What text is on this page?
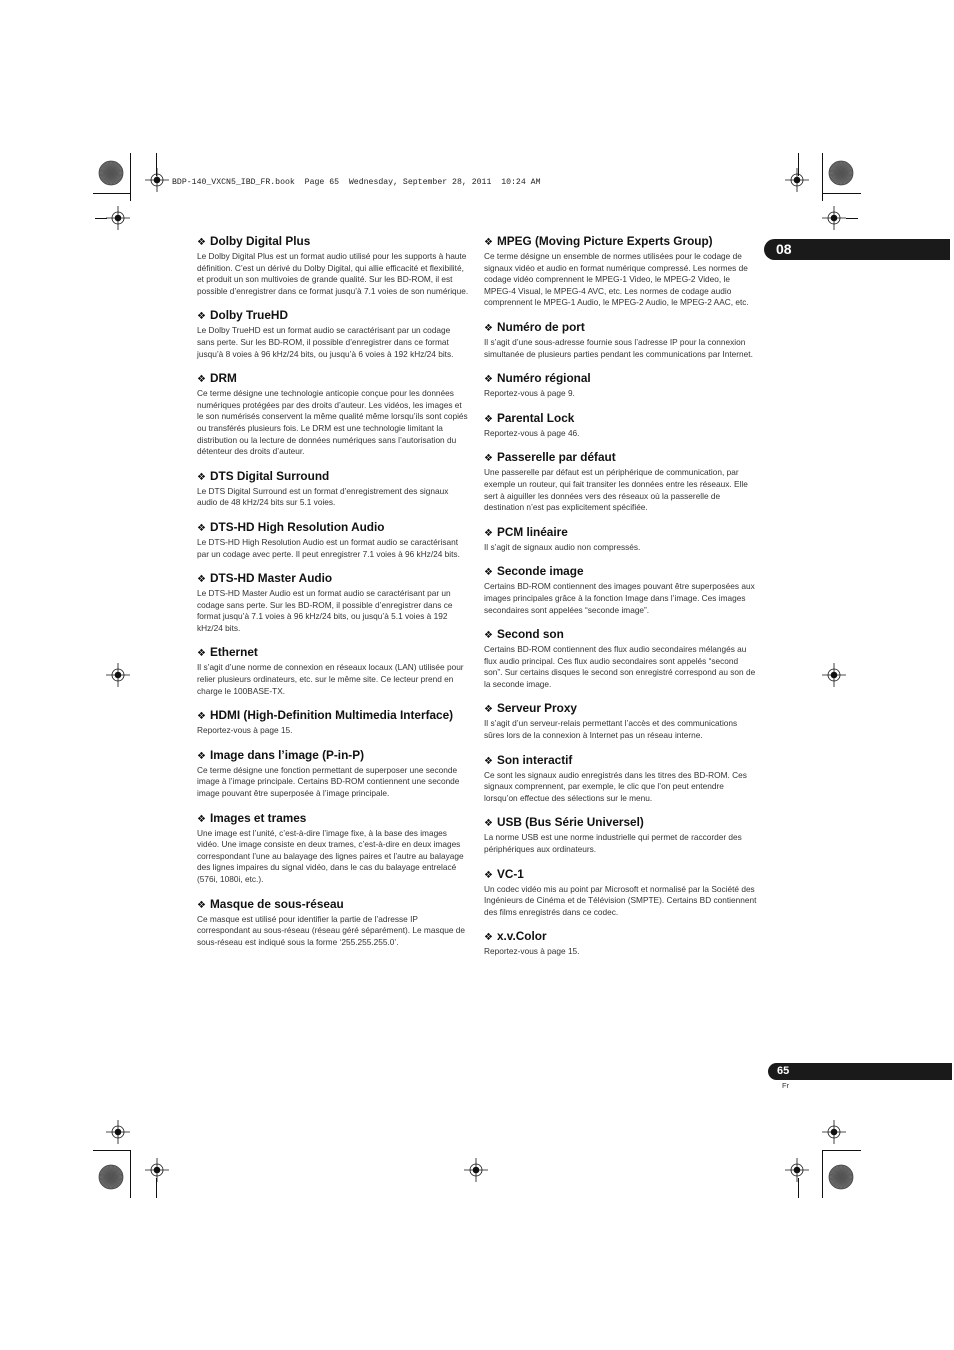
BDP-140_VXCN5_IBD_FR.book  Page 65  Wednesday, September 28, 2011  10:24 AM
08
65
Fr
❖ Dolby Digital Plus

Le Dolby Digital Plus est un format audio utilisé pour les supports à haute définition. C’est un dérivé du Dolby Digital, qui allie efficacité et flexibilité, et produit un son multivoies de grande qualité. Sur les BD-ROM, il est possible d’enregistrer dans ce format jusqu’à 7.1 voies de son numérique.

❖ Dolby TrueHD

Le Dolby TrueHD est un format audio se caractérisant par un codage sans perte. Sur les BD-ROM, il possible d’enregistrer dans ce format jusqu’à 8 voies à 96 kHz/24 bits, ou jusqu’à 6 voies à 192 kHz/24 bits.

❖ DRM

Ce terme désigne une technologie anticopie conçue pour les données numériques protégées par des droits d’auteur. Les vidéos, les images et le son numérisés conservent la même qualité même lorsqu’ils sont copiés ou transférés plusieurs fois. Le DRM est une technologie limitant la distribution ou la lecture de données numériques sans l’autorisation du détenteur des droits d’auteur.

❖ DTS Digital Surround

Le DTS Digital Surround est un format d’enregistrement des signaux audio de 48 kHz/24 bits sur 5.1 voies.

❖ DTS-HD High Resolution Audio

Le DTS-HD High Resolution Audio est un format audio se caractérisant par un codage avec perte. Il peut enregistrer 7.1 voies à 96 kHz/24 bits.

❖ DTS-HD Master Audio

Le DTS-HD Master Audio est un format audio se caractérisant par un codage sans perte. Sur les BD-ROM, il possible d’enregistrer dans ce format jusqu’à 7.1 voies à 96 kHz/24 bits, ou jusqu’à 5.1 voies à 192 kHz/24 bits.

❖ Ethernet

Il s’agit d’une norme de connexion en réseaux locaux (LAN) utilisée pour relier plusieurs ordinateurs, etc. sur le même site. Ce lecteur prend en charge le 100BASE-TX.

❖ HDMI (High-Definition Multimedia Interface)

Reportez-vous à page 15.

❖ Image dans l’image (P-in-P)

Ce terme désigne une fonction permettant de superposer une seconde image à l’image principale. Certains BD-ROM contiennent une seconde image pouvant être superposée à l’image principale.

❖ Images et trames

Une image est l’unité, c’est-à-dire l’image fixe, à la base des images vidéo. Une image consiste en deux trames, c’est-à-dire en deux images correspondant l’une au balayage des lignes paires et l’autre au balayage des lignes impaires du signal vidéo, dans le cas du balayage entrelacé (576i, 1080i, etc.).

❖ Masque de sous-réseau

Ce masque est utilisé pour identifier la partie de l’adresse IP correspondant au sous-réseau (réseau géré séparément). Le masque de sous-réseau est indiqué sous la forme ‘255.255.255.0’.

❖ MPEG (Moving Picture Experts Group)

Ce terme désigne un ensemble de normes utilisées pour le codage de signaux vidéo et audio en format numérique compressé. Les normes de codage vidéo comprennent le MPEG-1 Video, le MPEG-2 Video, le MPEG-4 Visual, le MPEG-4 AVC, etc. Les normes de codage audio comprennent le MPEG-1 Audio, le MPEG-2 Audio, le MPEG-2 AAC, etc.

❖ Numéro de port

Il s’agit d’une sous-adresse fournie sous l’adresse IP pour la connexion simultanée de plusieurs parties pendant les communications par Internet.

❖ Numéro régional

Reportez-vous à page 9.

❖ Parental Lock

Reportez-vous à page 46.

❖ Passerelle par défaut

Une passerelle par défaut est un périphérique de communication, par exemple un routeur, qui fait transiter les données entre les réseaux. Elle sert à aiguiller les données vers des réseaux où la passerelle de destination n’est pas explicitement spécifiée.

❖ PCM linéaire

Il s’agit de signaux audio non compressés.

❖ Seconde image

Certains BD-ROM contiennent des images pouvant être superposées aux images principales grâce à la fonction Image dans l’image. Ces images secondaires sont appelées “seconde image”.

❖ Second son

Certains BD-ROM contiennent des flux audio secondaires mélangés au flux audio principal. Ces flux audio secondaires sont appelés “second son”. Sur certains disques le second son enregistré correspond au son de la seconde image.

❖ Serveur Proxy

Il s’agit d’un serveur-relais permettant l’accès et des communications sûres lors de la connexion à Internet pas un réseau interne.

❖ Son interactif

Ce sont les signaux audio enregistrés dans les titres des BD-ROM. Ces signaux comprennent, par exemple, le clic que l’on peut entendre lorsqu’on effectue des sélections sur le menu.

❖ USB (Bus Série Universel)

La norme USB est une norme industrielle qui permet de raccorder des périphériques aux ordinateurs.

❖ VC-1

Un codec vidéo mis au point par Microsoft et normalisé par la Société des Ingénieurs de Cinéma et de Télévision (SMPTE). Certains BD contiennent des films enregistrés dans ce codec.

❖ x.v.Color

Reportez-vous à page 15.
